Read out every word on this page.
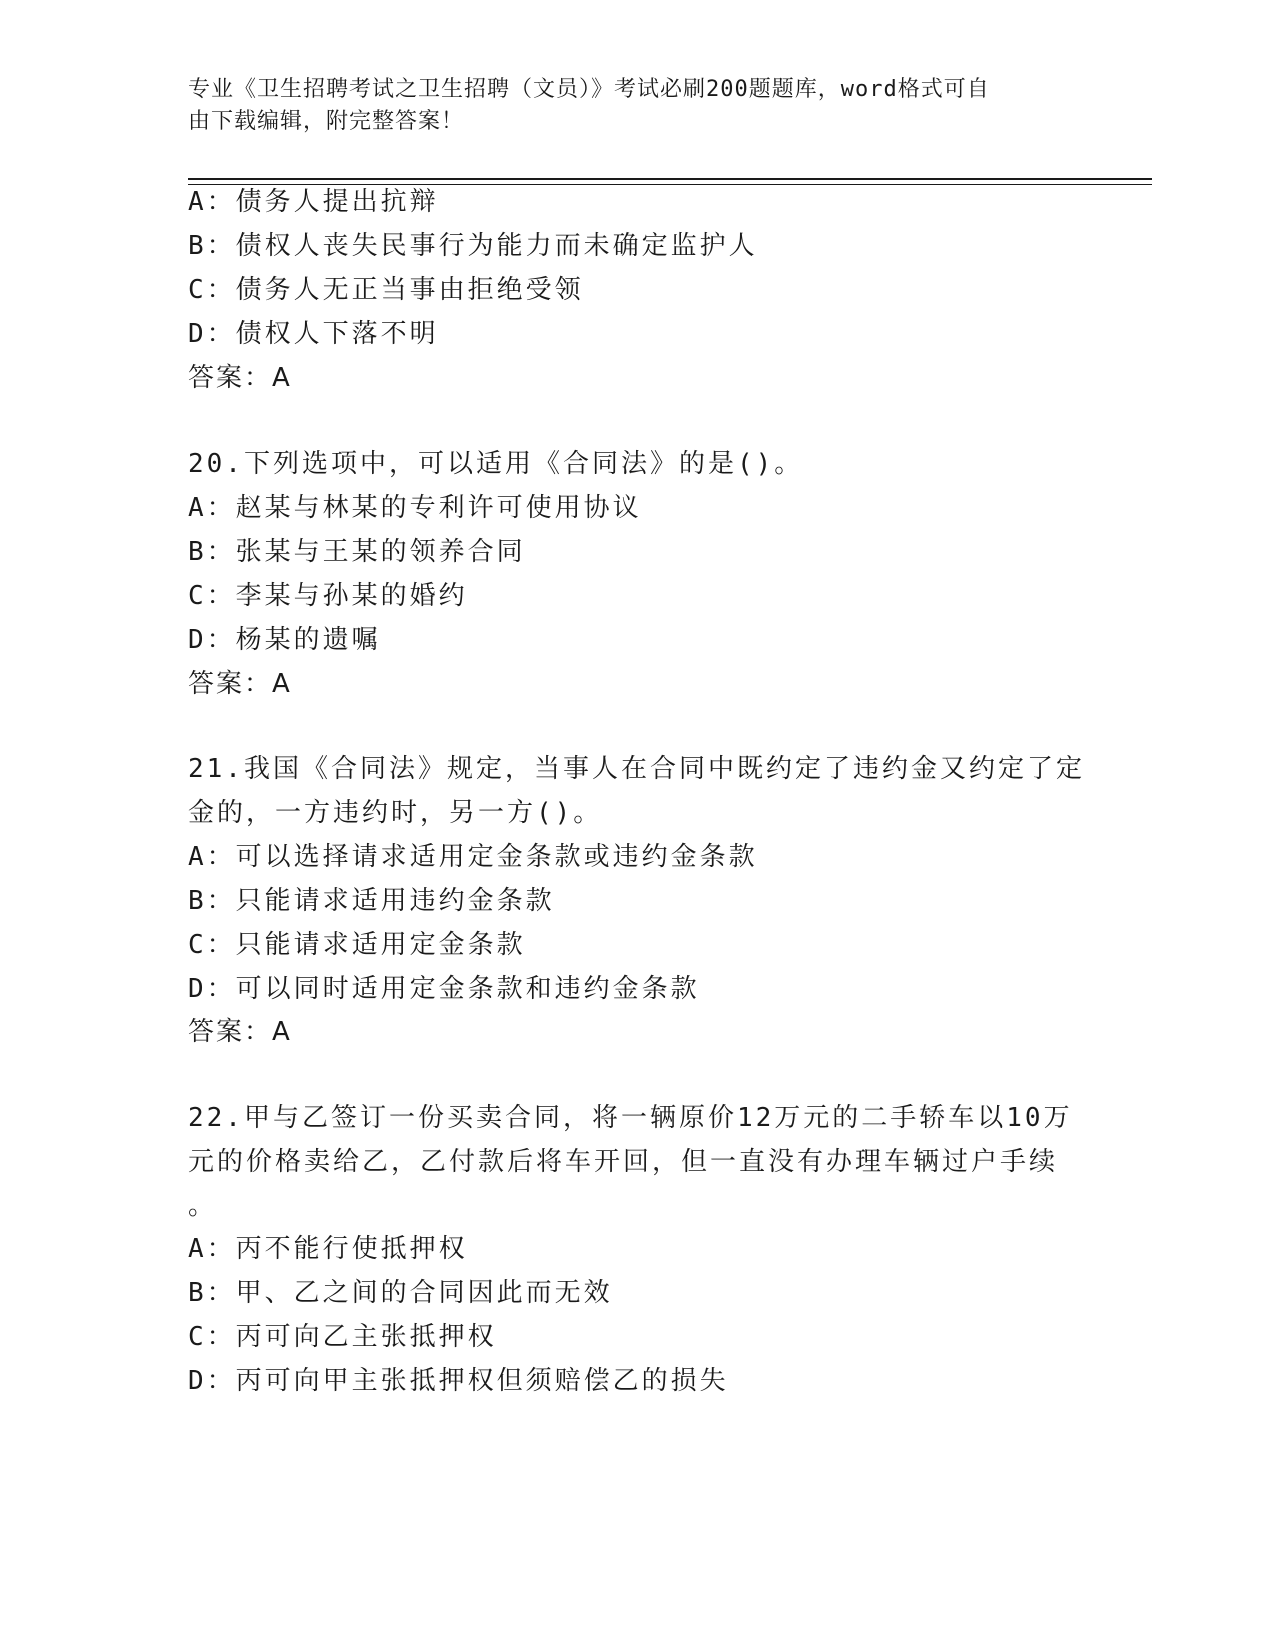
专业《卫生招聘考试之卫生招聘（文员）》考试必刷200题题库，word格式可自
由下载编辑，附完整答案！
A：债务人提出抗辩
B：债权人丧失民事行为能力而未确定监护人
C：债务人无正当事由拒绝受领
D：债权人下落不明
答案：A
20.下列选项中，可以适用《合同法》的是()。
A：赵某与林某的专利许可使用协议
B：张某与王某的领养合同
C：李某与孙某的婚约
D：杨某的遗嘱
答案：A
21.我国《合同法》规定，当事人在合同中既约定了违约金又约定了定
金的，一方违约时，另一方()。
A：可以选择请求适用定金条款或违约金条款
B：只能请求适用违约金条款
C：只能请求适用定金条款
D：可以同时适用定金条款和违约金条款
答案：A
22.甲与乙签订一份买卖合同，将一辆原价12万元的二手轿车以10万
元的价格卖给乙，乙付款后将车开回，但一直没有办理车辆过户手续
。
A：丙不能行使抵押权
B：甲、乙之间的合同因此而无效
C：丙可向乙主张抵押权
D：丙可向甲主张抵押权但须赔偿乙的损失
